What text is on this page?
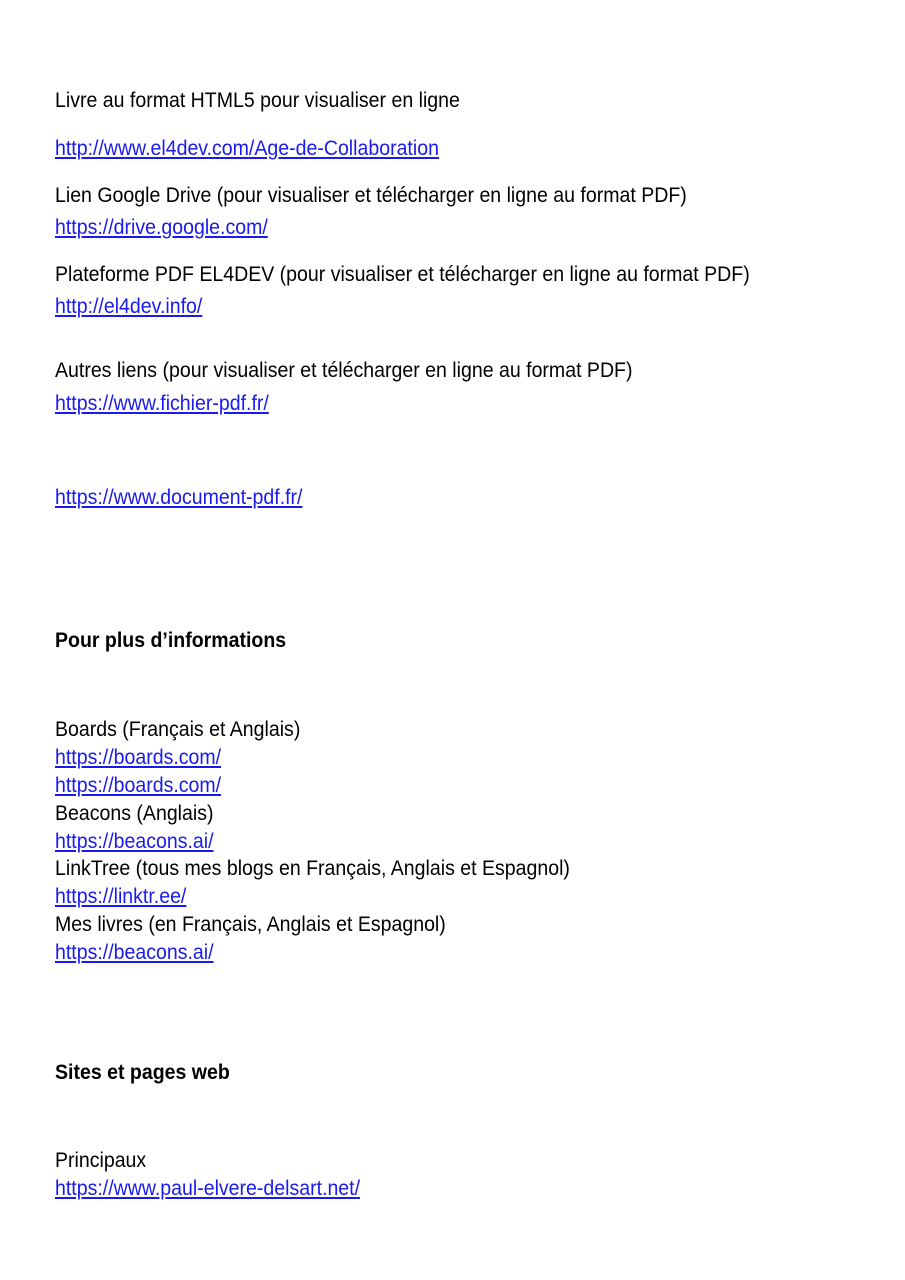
Livre au format HTML5 pour visualiser en ligne
http://www.el4dev.com/Age-de-Collaboration
Lien Google Drive (pour visualiser et télécharger en ligne au format PDF)
https://drive.google.com/
Plateforme PDF EL4DEV (pour visualiser et télécharger en ligne au format PDF)
http://el4dev.info/
Autres liens (pour visualiser et télécharger en ligne au format PDF)
https://www.fichier-pdf.fr/
https://www.document-pdf.fr/
Pour plus d’informations
Boards (Français et Anglais)
https://boards.com/
https://boards.com/
Beacons (Anglais)
https://beacons.ai/
LinkTree (tous mes blogs en Français, Anglais et Espagnol)
https://linktr.ee/
Mes livres (en Français, Anglais et Espagnol)
https://beacons.ai/
Sites et pages web
Principaux
https://www.paul-elvere-delsart.net/
